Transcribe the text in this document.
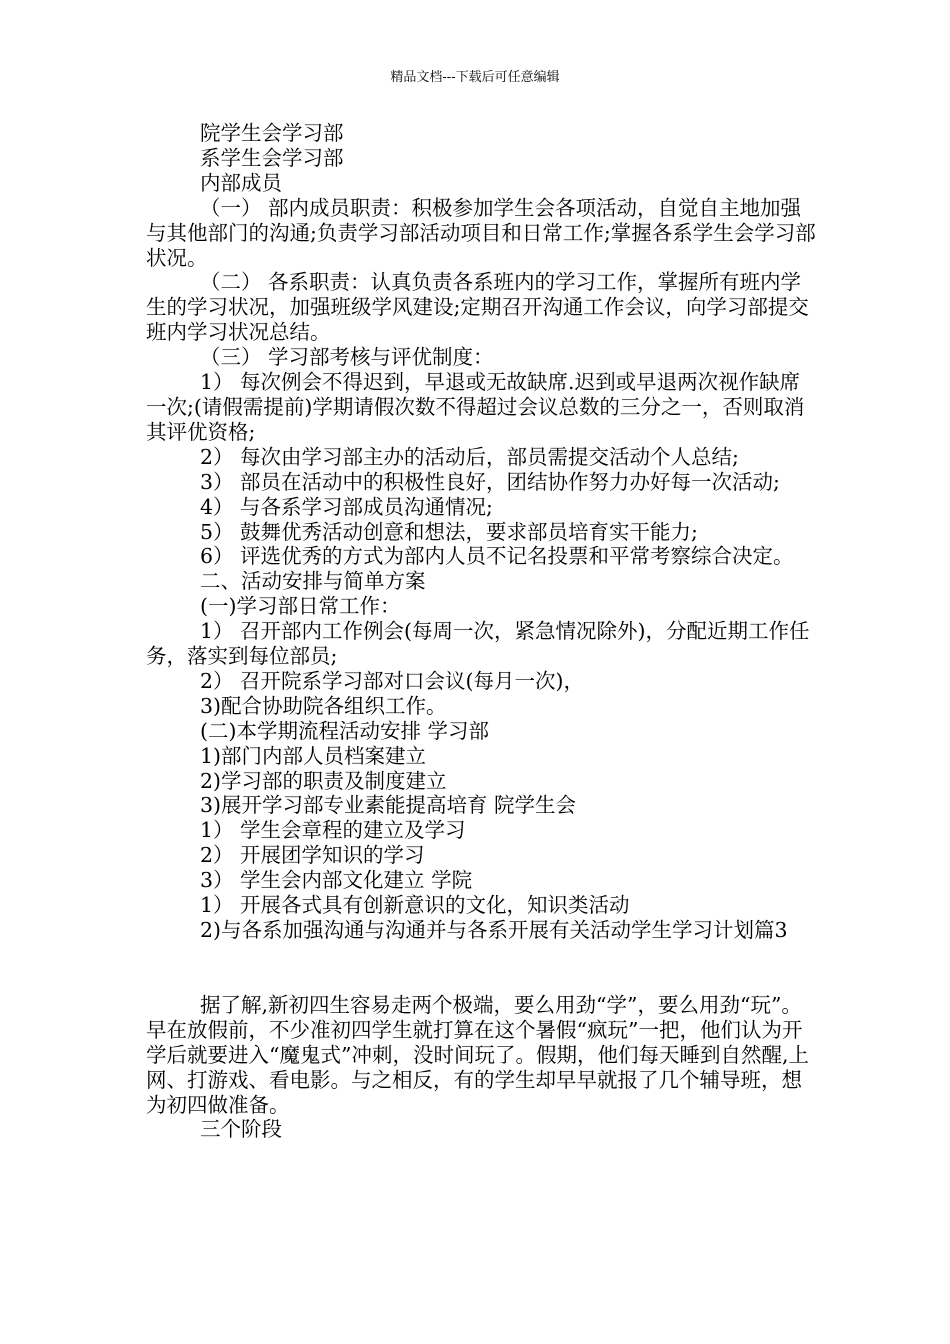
精品文档---下载后可任意编辑

院学生会学习部

系学生会学习部

内部成员

（一） 部内成员职责：积极参加学生会各项活动，自觉自主地加强与其他部门的沟通;负责学习部活动项目和日常工作;掌握各系学生会学习部状况。

（二） 各系职责：认真负责各系班内的学习工作，掌握所有班内学生的学习状况，加强班级学风建设;定期召开沟通工作会议，向学习部提交班内学习状况总结。

（三） 学习部考核与评优制度：

1） 每次例会不得迟到，早退或无故缺席.迟到或早退两次视作缺席一次;(请假需提前)学期请假次数不得超过会议总数的三分之一，否则取消其评优资格;

2） 每次由学习部主办的活动后，部员需提交活动个人总结;

3） 部员在活动中的积极性良好，团结协作努力办好每一次活动;

4） 与各系学习部成员沟通情况;

5） 鼓舞优秀活动创意和想法，要求部员培育实干能力;

6） 评选优秀的方式为部内人员不记名投票和平常考察综合决定。

二、活动安排与简单方案

(一)学习部日常工作：

1） 召开部内工作例会(每周一次，紧急情况除外)，分配近期工作任务，落实到每位部员;

2） 召开院系学习部对口会议(每月一次)，

3)配合协助院各组织工作。

(二)本学期流程活动安排 学习部

1)部门内部人员档案建立

2)学习部的职责及制度建立

3)展开学习部专业素能提高培育 院学生会

1） 学生会章程的建立及学习

2） 开展团学知识的学习

3） 学生会内部文化建立 学院

1） 开展各式具有创新意识的文化，知识类活动

2)与各系加强沟通与沟通并与各系开展有关活动学生学习计划篇3

据了解,新初四生容易走两个极端，要么用劲“学”，要么用劲“玩”。早在放假前，不少准初四学生就打算在这个暑假“疯玩”一把，他们认为开学后就要进入“魔鬼式”冲刺，没时间玩了。假期，他们每天睡到自然醒,上网、打游戏、看电影。与之相反，有的学生却早早就报了几个辅导班，想为初四做准备。

三个阶段
